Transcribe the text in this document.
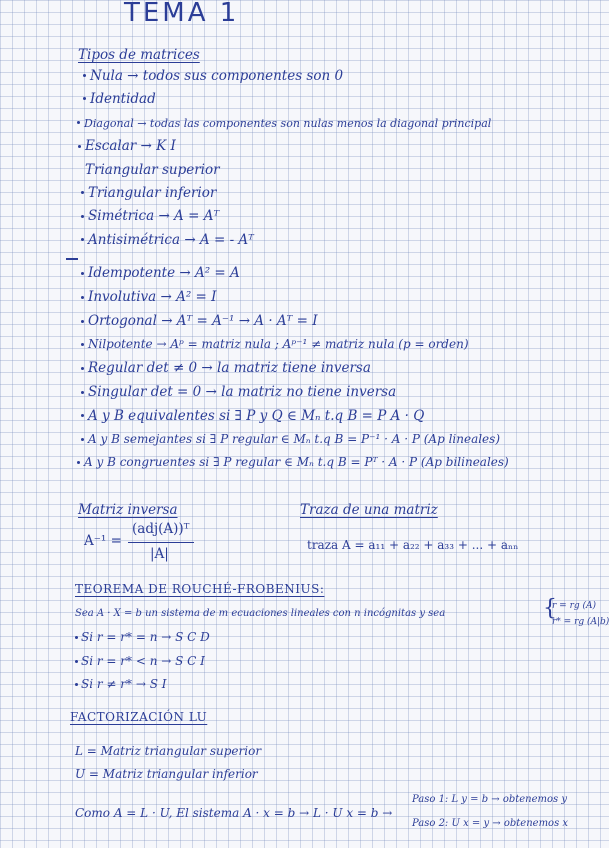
TEMA 1
Tipos de matrices
Nula → todos sus componentes son 0
Identidad
Diagonal → todas las componentes son nulas menos la diagonal principal
Escalar → K I
Triangular superior
Triangular inferior
Simétrica → A = Aᵀ
Antisimétrica → A = - Aᵀ
Idempotente → A² = A
Involutiva → A² = I
Ortogonal → Aᵀ = A⁻¹ → A · Aᵀ = I
Nilpotente → Aᵖ = matriz nula ; Aᵖ⁻¹ ≠ matriz nula (p = orden)
Regular det ≠ 0 → la matriz tiene inversa
Singular det = 0 → la matriz no tiene inversa
A y B equivalentes si ∃ P y Q ∈ Mₙ t.q B = P A · Q
A y B semejantes si ∃ P regular ∈ Mₙ t.q B = P⁻¹ · A · P (Ap lineales)
A y B congruentes si ∃ P regular ∈ Mₙ t.q B = Pᵀ · A · P (Ap bilineales)
Matriz inversa
A⁻¹ =
(adj(A))ᵀ
|A|
Traza de una matriz
traza A = a₁₁ + a₂₂ + a₃₃ + ... + aₙₙ
TEOREMA DE ROUCHÉ-FROBENIUS:
Sea A · X = b un sistema de m ecuaciones lineales con n incógnitas y sea	{
r = rg (A)
r* = rg (A|b)
Si r = r* = n → S C D
Si r = r* < n → S C I
Si r ≠ r* → S I
FACTORIZACIÓN LU
L = Matriz triangular superior
U = Matriz triangular inferior
Como A = L · U, El sistema A · x = b → L · U x = b →
Paso 1: L y = b → obtenemos y
Paso 2: U x = y → obtenemos x
